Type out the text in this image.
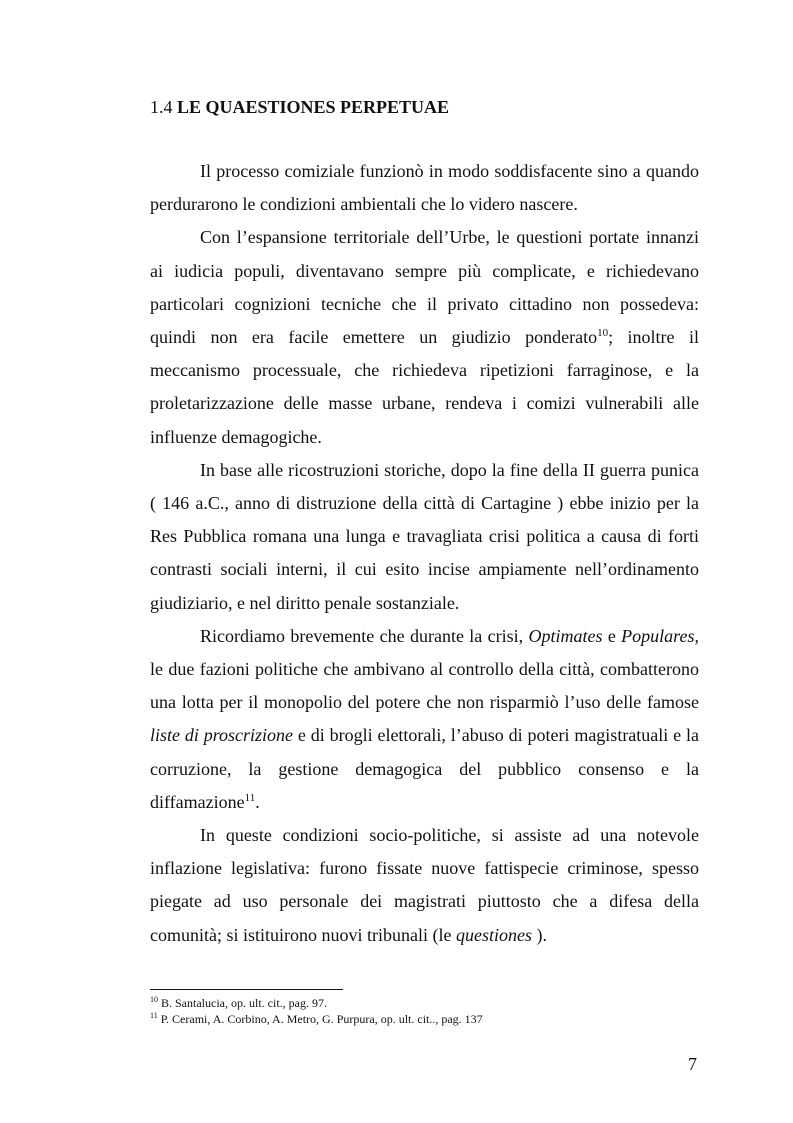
1.4 LE QUAESTIONES PERPETUAE

Il processo comiziale funzionò in modo soddisfacente sino a quando perdurarono le condizioni ambientali che lo videro nascere.

Con l’espansione territoriale dell’Urbe, le questioni portate innanzi ai iudicia populi, diventavano sempre più complicate, e richiedevano particolari cognizioni tecniche che il privato cittadino non possedeva: quindi non era facile emettere un giudizio ponderato$^{10}$; inoltre il meccanismo processuale, che richiedeva ripetizioni farraginose, e la proletarizzazione delle masse urbane, rendeva i comizi vulnerabili alle influenze demagogiche.

In base alle ricostruzioni storiche, dopo la fine della II guerra punica ( 146 a.C., anno di distruzione della città di Cartagine ) ebbe inizio per la Res Pubblica romana una lunga e travagliata crisi politica a causa di forti contrasti sociali interni, il cui esito incise ampiamente nell’ordinamento giudiziario, e nel diritto penale sostanziale.

Ricordiamo brevemente che durante la crisi, Optimates e Populares, le due fazioni politiche che ambivano al controllo della città, combatterono una lotta per il monopolio del potere che non risparmiò l’uso delle famose liste di proscrizione e di brogli elettorali, l’abuso di poteri magistratuali e la corruzione, la gestione demagogica del pubblico consenso e la diffamazione$^{11}$.

In queste condizioni socio-politiche, si assiste ad una notevole inflazione legislativa: furono fissate nuove fattispecie criminose, spesso piegate ad uso personale dei magistrati piuttosto che a difesa della comunità; si istituirono nuovi tribunali (le questiones ).

$^{10}$ B. Santalucia, op. ult. cit., pag. 97.
$^{11}$ P. Cerami, A. Corbino, A. Metro, G. Purpura, op. ult. cit.., pag. 137
7
